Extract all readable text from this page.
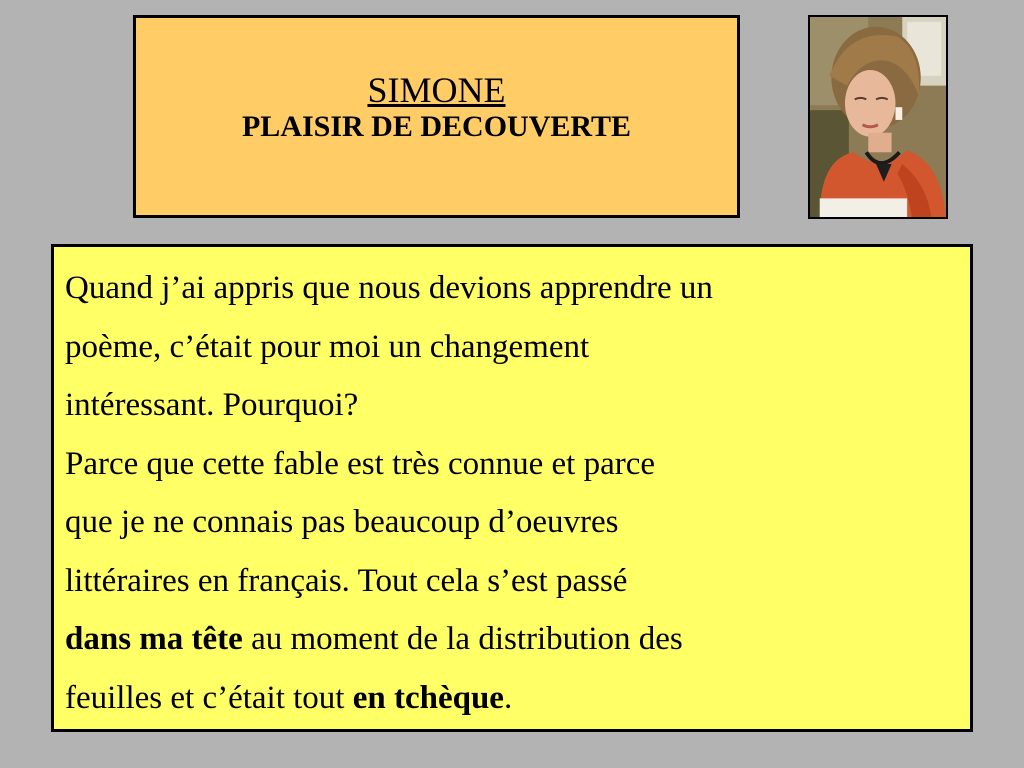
SIMONE
PLAISIR DE DECOUVERTE

Quand j’ai appris que nous devions apprendre un

poème, c’était pour moi un changement

intéressant. Pourquoi?

Parce que cette fable est très connue et parce

que je ne connais pas beaucoup d’oeuvres

littéraires en français. Tout cela s’est passé

dans ma tête au moment de la distribution des

feuilles et c’était tout en tchèque.
